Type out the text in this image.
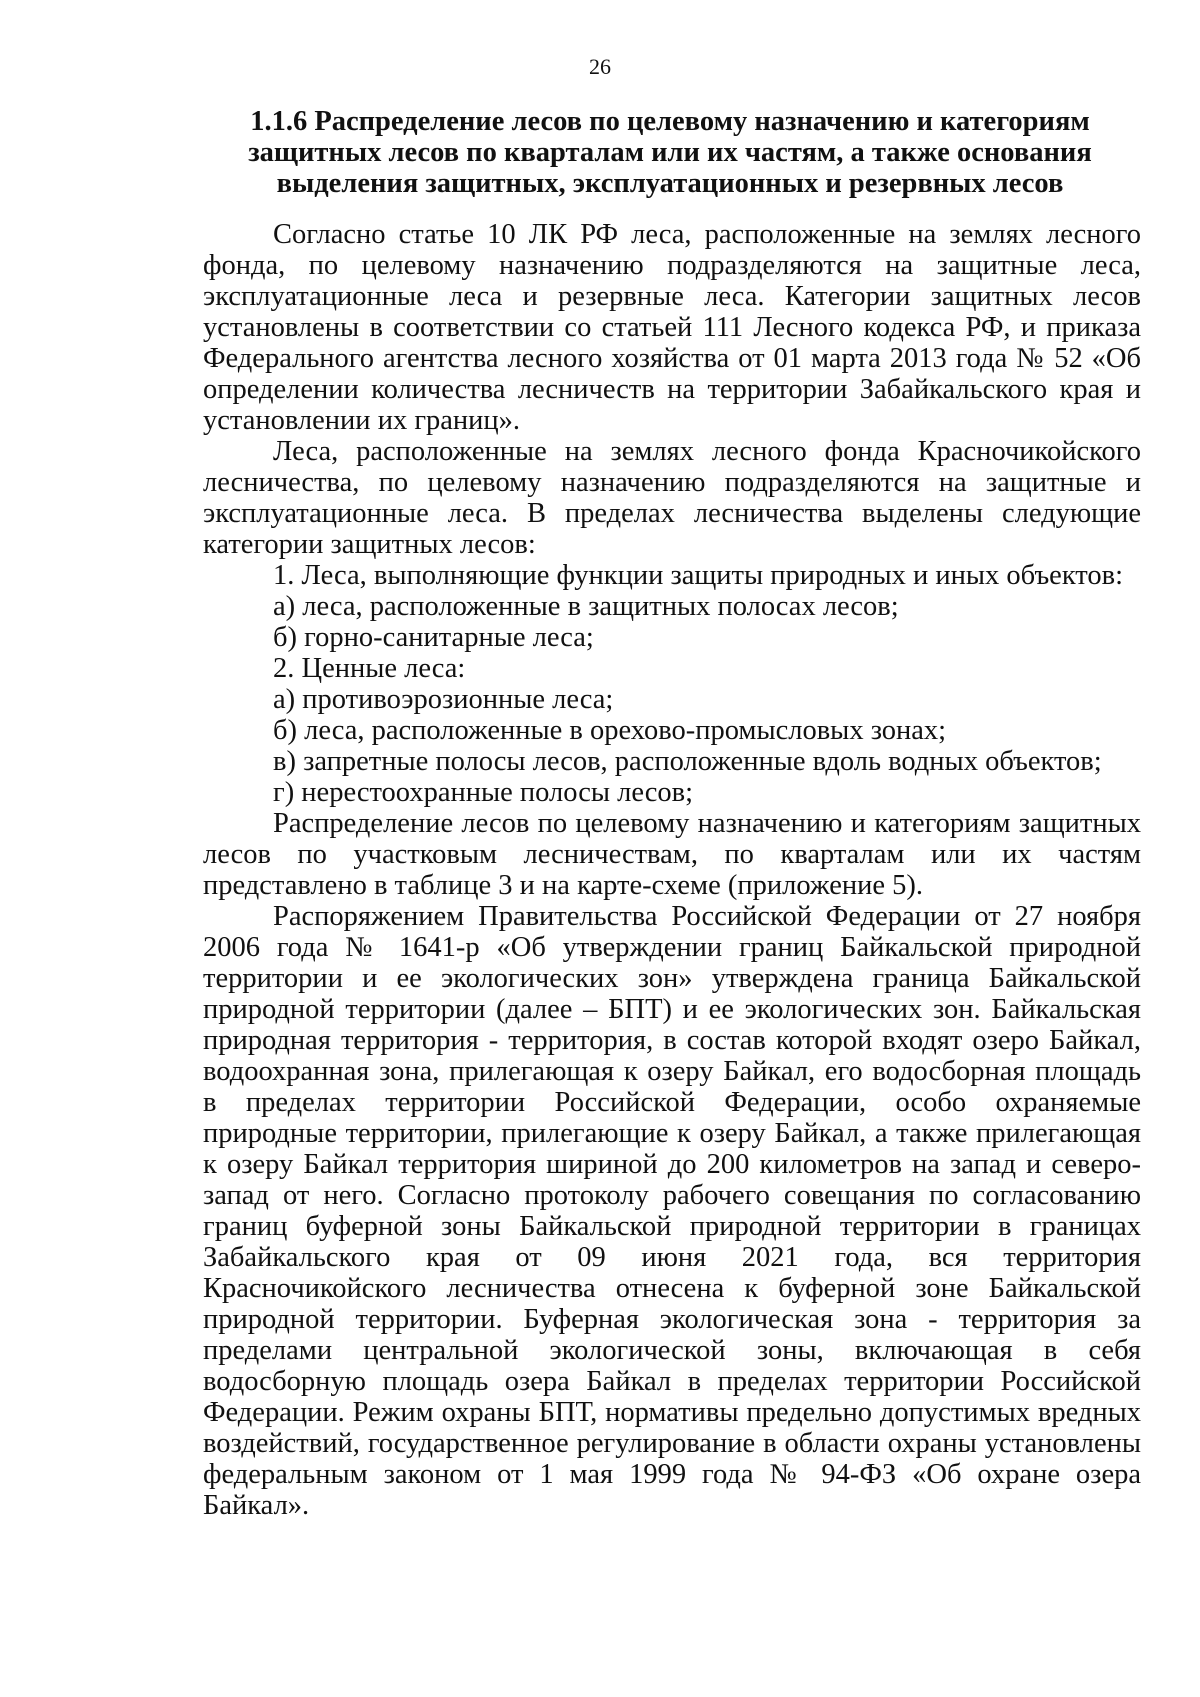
26
1.1.6 Распределение лесов по целевому назначению и категориям защитных лесов по кварталам или их частям, а также основания выделения защитных, эксплуатационных и резервных лесов

Согласно статье 10 ЛК РФ леса, расположенные на землях лесного фонда, по целевому назначению подразделяются на защитные леса, эксплуатационные леса и резервные леса. Категории защитных лесов установлены в соответствии со статьей 111 Лесного кодекса РФ, и приказа Федерального агентства лесного хозяйства от 01 марта 2013 года № 52 «Об определении количества лесничеств на территории Забайкальского края и установлении их границ».

Леса, расположенные на землях лесного фонда Красночикойского лесничества, по целевому назначению подразделяются на защитные и эксплуатационные леса. В пределах лесничества выделены следующие категории защитных лесов:

1. Леса, выполняющие функции защиты природных и иных объектов:
а) леса, расположенные в защитных полосах лесов;
б) горно-санитарные леса;
2. Ценные леса:
а) противоэрозионные леса;
б) леса, расположенные в орехово-промысловых зонах;
в) запретные полосы лесов, расположенные вдоль водных объектов;
г) нерестоохранные полосы лесов;

Распределение лесов по целевому назначению и категориям защитных лесов по участковым лесничествам, по кварталам или их частям представлено в таблице 3 и на карте-схеме (приложение 5).

Распоряжением Правительства Российской Федерации от 27 ноября 2006 года № 1641-р «Об утверждении границ Байкальской природной территории и ее экологических зон» утверждена граница Байкальской природной территории (далее – БПТ) и ее экологических зон. Байкальская природная территория - территория, в состав которой входят озеро Байкал, водоохранная зона, прилегающая к озеру Байкал, его водосборная площадь в пределах территории Российской Федерации, особо охраняемые природные территории, прилегающие к озеру Байкал, а также прилегающая к озеру Байкал территория шириной до 200 километров на запад и северо-запад от него. Согласно протоколу рабочего совещания по согласованию границ буферной зоны Байкальской природной территории в границах Забайкальского края от 09 июня 2021 года, вся территория Красночикойского лесничества отнесена к буферной зоне Байкальской природной территории. Буферная экологическая зона - территория за пределами центральной экологической зоны, включающая в себя водосборную площадь озера Байкал в пределах территории Российской Федерации. Режим охраны БПТ, нормативы предельно допустимых вредных воздействий, государственное регулирование в области охраны установлены федеральным законом от 1 мая 1999 года № 94-ФЗ «Об охране озера Байкал».
